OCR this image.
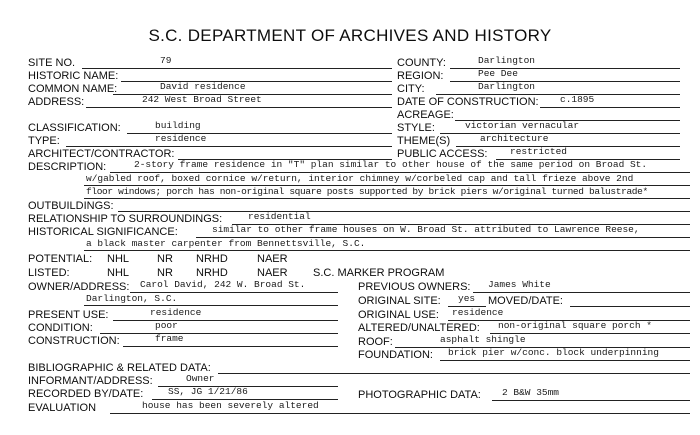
S.C. DEPARTMENT OF ARCHIVES AND HISTORY
SITE NO.	79	COUNTY:	Darlington
HISTORIC NAME:	REGION:	Pee Dee
COMMON NAME:	David residence	CITY:	Darlington
ADDRESS:	242 West Broad Street	DATE OF CONSTRUCTION: c.1895
ACREAGE:
CLASSIFICATION:	building	STYLE:	victorian vernacular
TYPE:	residence	THEME(S)	architecture
ARCHITECT/CONTRACTOR:	PUBLIC ACCESS: restricted
DESCRIPTION:	2-story frame residence in "T" plan similar to other house of the same period on Broad St.
w/gabled roof, boxed cornice w/return, interior chimney w/corbeled cap and tall frieze above 2nd
floor windows; porch has non-original square posts supported by brick piers w/original turned balustrade*
OUTBUILDINGS:
RELATIONSHIP TO SURROUNDINGS:	residential
HISTORICAL SIGNIFICANCE:	similar to other frame houses on W. Broad St. attributed to Lawrence Reese,
a black master carpenter from Bennettsville, S.C.
POTENTIAL: NHL	NR NRHD	NAER
LISTED:	NHL	NR NRHD	NAER S.C. MARKER PROGRAM
OWNER/ADDRESS: Carol David, 242 W. Broad St.
Darlington, S.C.
PREVIOUS OWNERS: James White
ORIGINAL SITE: yes MOVED/DATE:
PRESENT USE:	residence	ORIGINAL USE: residence
CONDITION:	poor	ALTERED/UNALTERED: non-original square porch *
CONSTRUCTION:	frame	ROOF:	asphalt shingle
FOUNDATION: brick pier w/conc. block underpinning
BIBLIOGRAPHIC & RELATED DATA:
INFORMANT/ADDRESS:	Owner
RECORDED BY/DATE:	SS, JG 1/21/86	PHOTOGRAPHIC DATA: 2 B&W 35mm
EVALUATION	house has been severely altered
